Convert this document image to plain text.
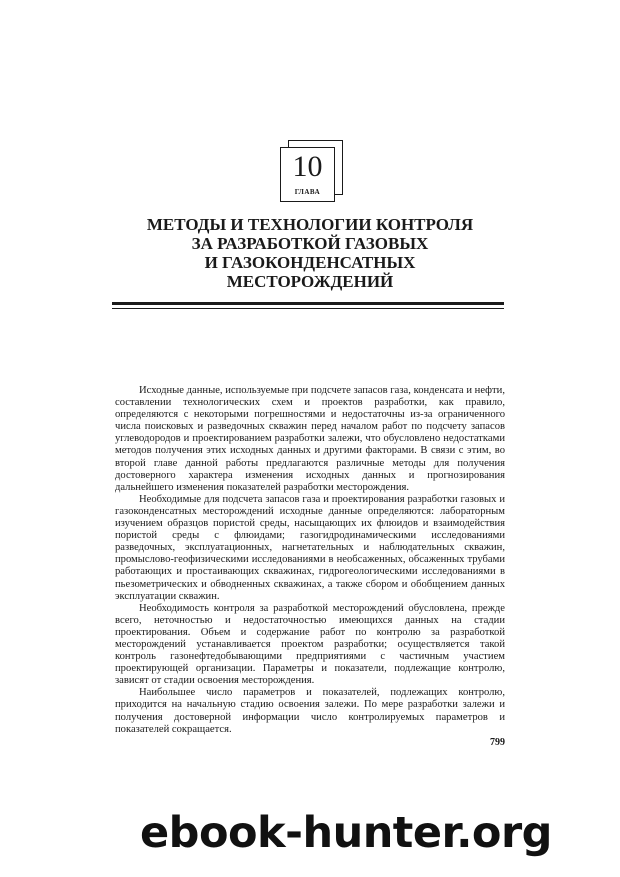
10
ГЛАВА
МЕТОДЫ И ТЕХНОЛОГИИ КОНТРОЛЯ
ЗА РАЗРАБОТКОЙ ГАЗОВЫХ
И ГАЗОКОНДЕНСАТНЫХ
МЕСТОРОЖДЕНИЙ

Исходные данные, используемые при подсчете запасов газа, конденсата и нефти, составлении технологических схем и проектов разработки, как правило, определяются с некоторыми погрешностями и недостаточны из-за ограниченного числа поисковых и разведочных скважин перед началом работ по подсчету запасов углеводородов и проектированием разработки залежи, что обусловлено недостатками методов получения этих исходных данных и другими факторами. В связи с этим, во второй главе данной работы предлагаются различные методы для получения достоверного характера изменения исходных данных и прогнозирования дальнейшего изменения показателей разработки месторождения.

Необходимые для подсчета запасов газа и проектирования разработки газовых и газоконденсатных месторождений исходные данные определяются: лабораторным изучением образцов пористой среды, насыщающих их флюидов и взаимодействия пористой среды с флюидами; газогидродинамическими исследованиями разведочных, эксплуатационных, нагнетательных и наблюдательных скважин, промыслово-геофизическими исследованиями в необсаженных, обсаженных трубами работающих и простаивающих скважинах, гидрогеологическими исследованиями в пьезометрических и обводненных скважинах, а также сбором и обобщением данных эксплуатации скважин.

Необходимость контроля за разработкой месторождений обусловлена, прежде всего, неточностью и недостаточностью имеющихся данных на стадии проектирования. Объем и содержание работ по контролю за разработкой месторождений устанавливается проектом разработки; осуществляется такой контроль газонефтедобывающими предприятиями с частичным участием проектирующей организации. Параметры и показатели, подлежащие контролю, зависят от стадии освоения месторождения.

Наибольшее число параметров и показателей, подлежащих контролю, приходится на начальную стадию освоения залежи. По мере разработки залежи и получения достоверной информации число контролируемых параметров и показателей сокращается.

799
ebook-hunter.org
